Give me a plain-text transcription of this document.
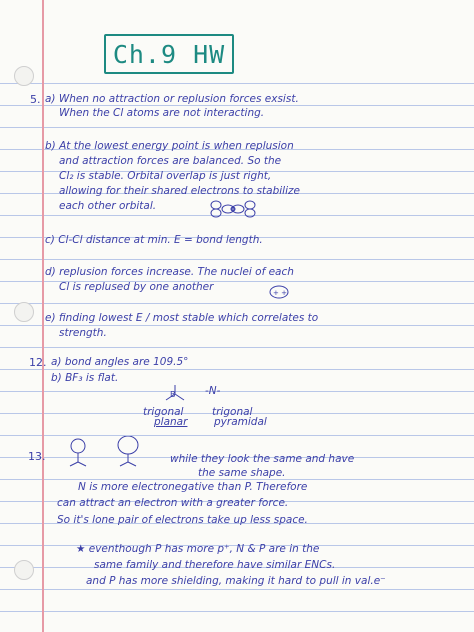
Ch.9 HW
5. a) When no attraction or replusion forces exsist.
When the Cl atoms are not interacting.
b) At the lowest energy point is when replusion
and attraction forces are balanced. So the
Cl₂ is stable. Orbital overlap is just right,
allowing for their shared electrons to stabilize
each other orbital.
c) Cl-Cl distance at min. E = bond length.
d) replusion forces increase. The nuclei of each
Cl is replused by one another	+ +
e) finding lowest E / most stable which correlates to
strength.
12. a) bond angles are 109.5°
b) BF₃ is flat.
B	-N-
trigonal
planar
trigonal
pyramidal
13.	while they look the same and have
the same shape.
N is more electronegative than P. Therefore
can attract an electron with a greater force.
So it's lone pair of electrons take up less space.
★ eventhough P has more p⁺, N & P are in the
same family and therefore have similar ENCs.
and P has more shielding, making it hard to pull in val.e⁻
